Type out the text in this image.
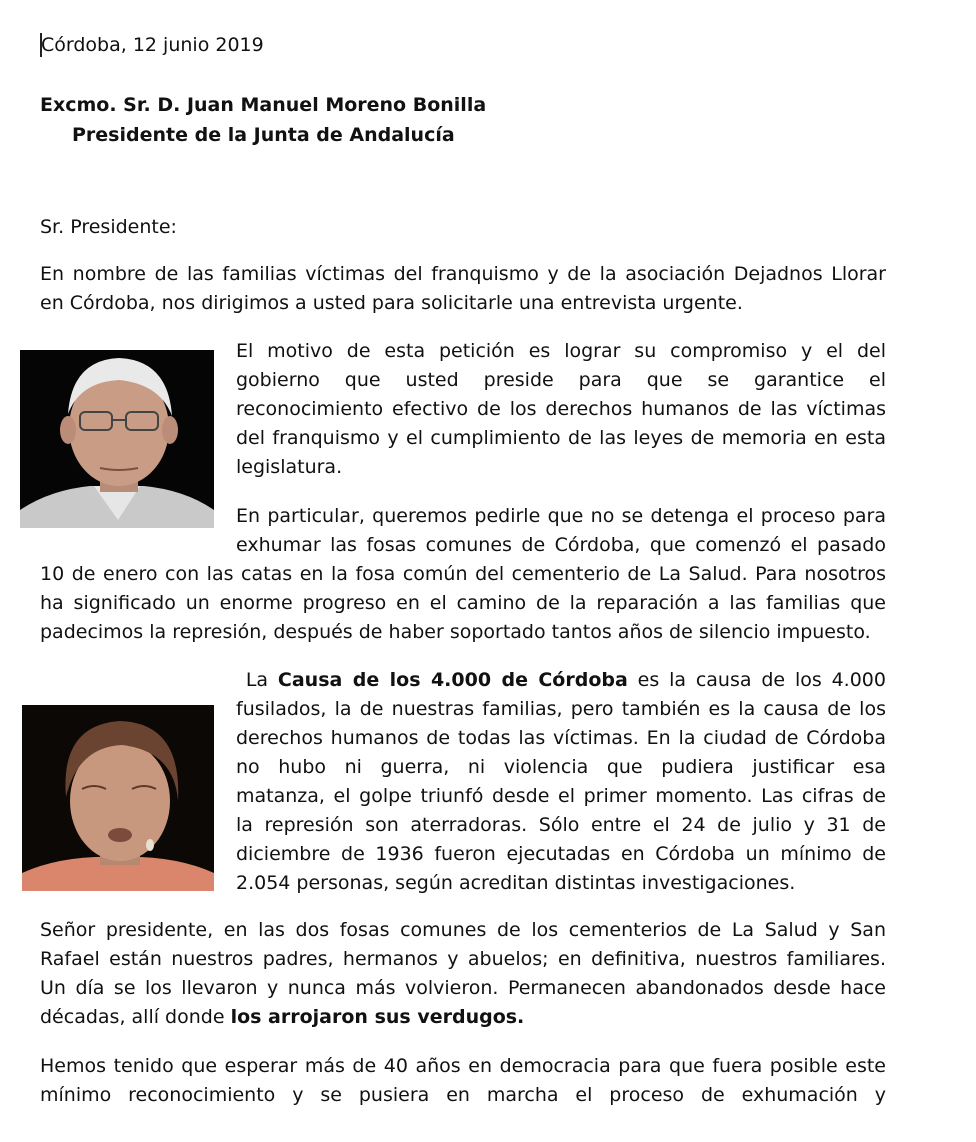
Córdoba, 12 junio 2019
Excmo. Sr. D. Juan Manuel Moreno Bonilla
Presidente de la Junta de Andalucía
Sr. Presidente:
En nombre de las familias víctimas del franquismo y de la asociación Dejadnos Llorar
en Córdoba, nos dirigimos a usted para solicitarle una entrevista urgente.
El motivo de esta petición es lograr su compromiso y el del
gobierno que usted preside para que se garantice el
reconocimiento efectivo de los derechos humanos de las víctimas
del franquismo y el cumplimiento de las leyes de memoria en esta
legislatura.
En particular, queremos pedirle que no se detenga el proceso para
exhumar las fosas comunes de Córdoba, que comenzó el pasado
10 de enero con las catas en la fosa común del cementerio de La Salud. Para nosotros
ha significado un enorme progreso en el camino de la reparación a las familias que
padecimos la represión, después de haber soportado tantos años de silencio impuesto.
La Causa de los 4.000 de Córdoba es la causa de los 4.000
fusilados, la de nuestras familias, pero también es la causa de los
derechos humanos de todas las víctimas. En la ciudad de Córdoba
no hubo ni guerra, ni violencia que pudiera justificar esa
matanza, el golpe triunfó desde el primer momento. Las cifras de
la represión son aterradoras. Sólo entre el 24 de julio y 31 de
diciembre de 1936 fueron ejecutadas en Córdoba un mínimo de
2.054 personas, según acreditan distintas investigaciones.
Señor presidente, en las dos fosas comunes de los cementerios de La Salud y San
Rafael están nuestros padres, hermanos y abuelos; en definitiva, nuestros familiares.
Un día se los llevaron y nunca más volvieron. Permanecen abandonados desde hace
décadas, allí donde los arrojaron sus verdugos.
Hemos tenido que esperar más de 40 años en democracia para que fuera posible este
mínimo reconocimiento y se pusiera en marcha el proceso de exhumación y
